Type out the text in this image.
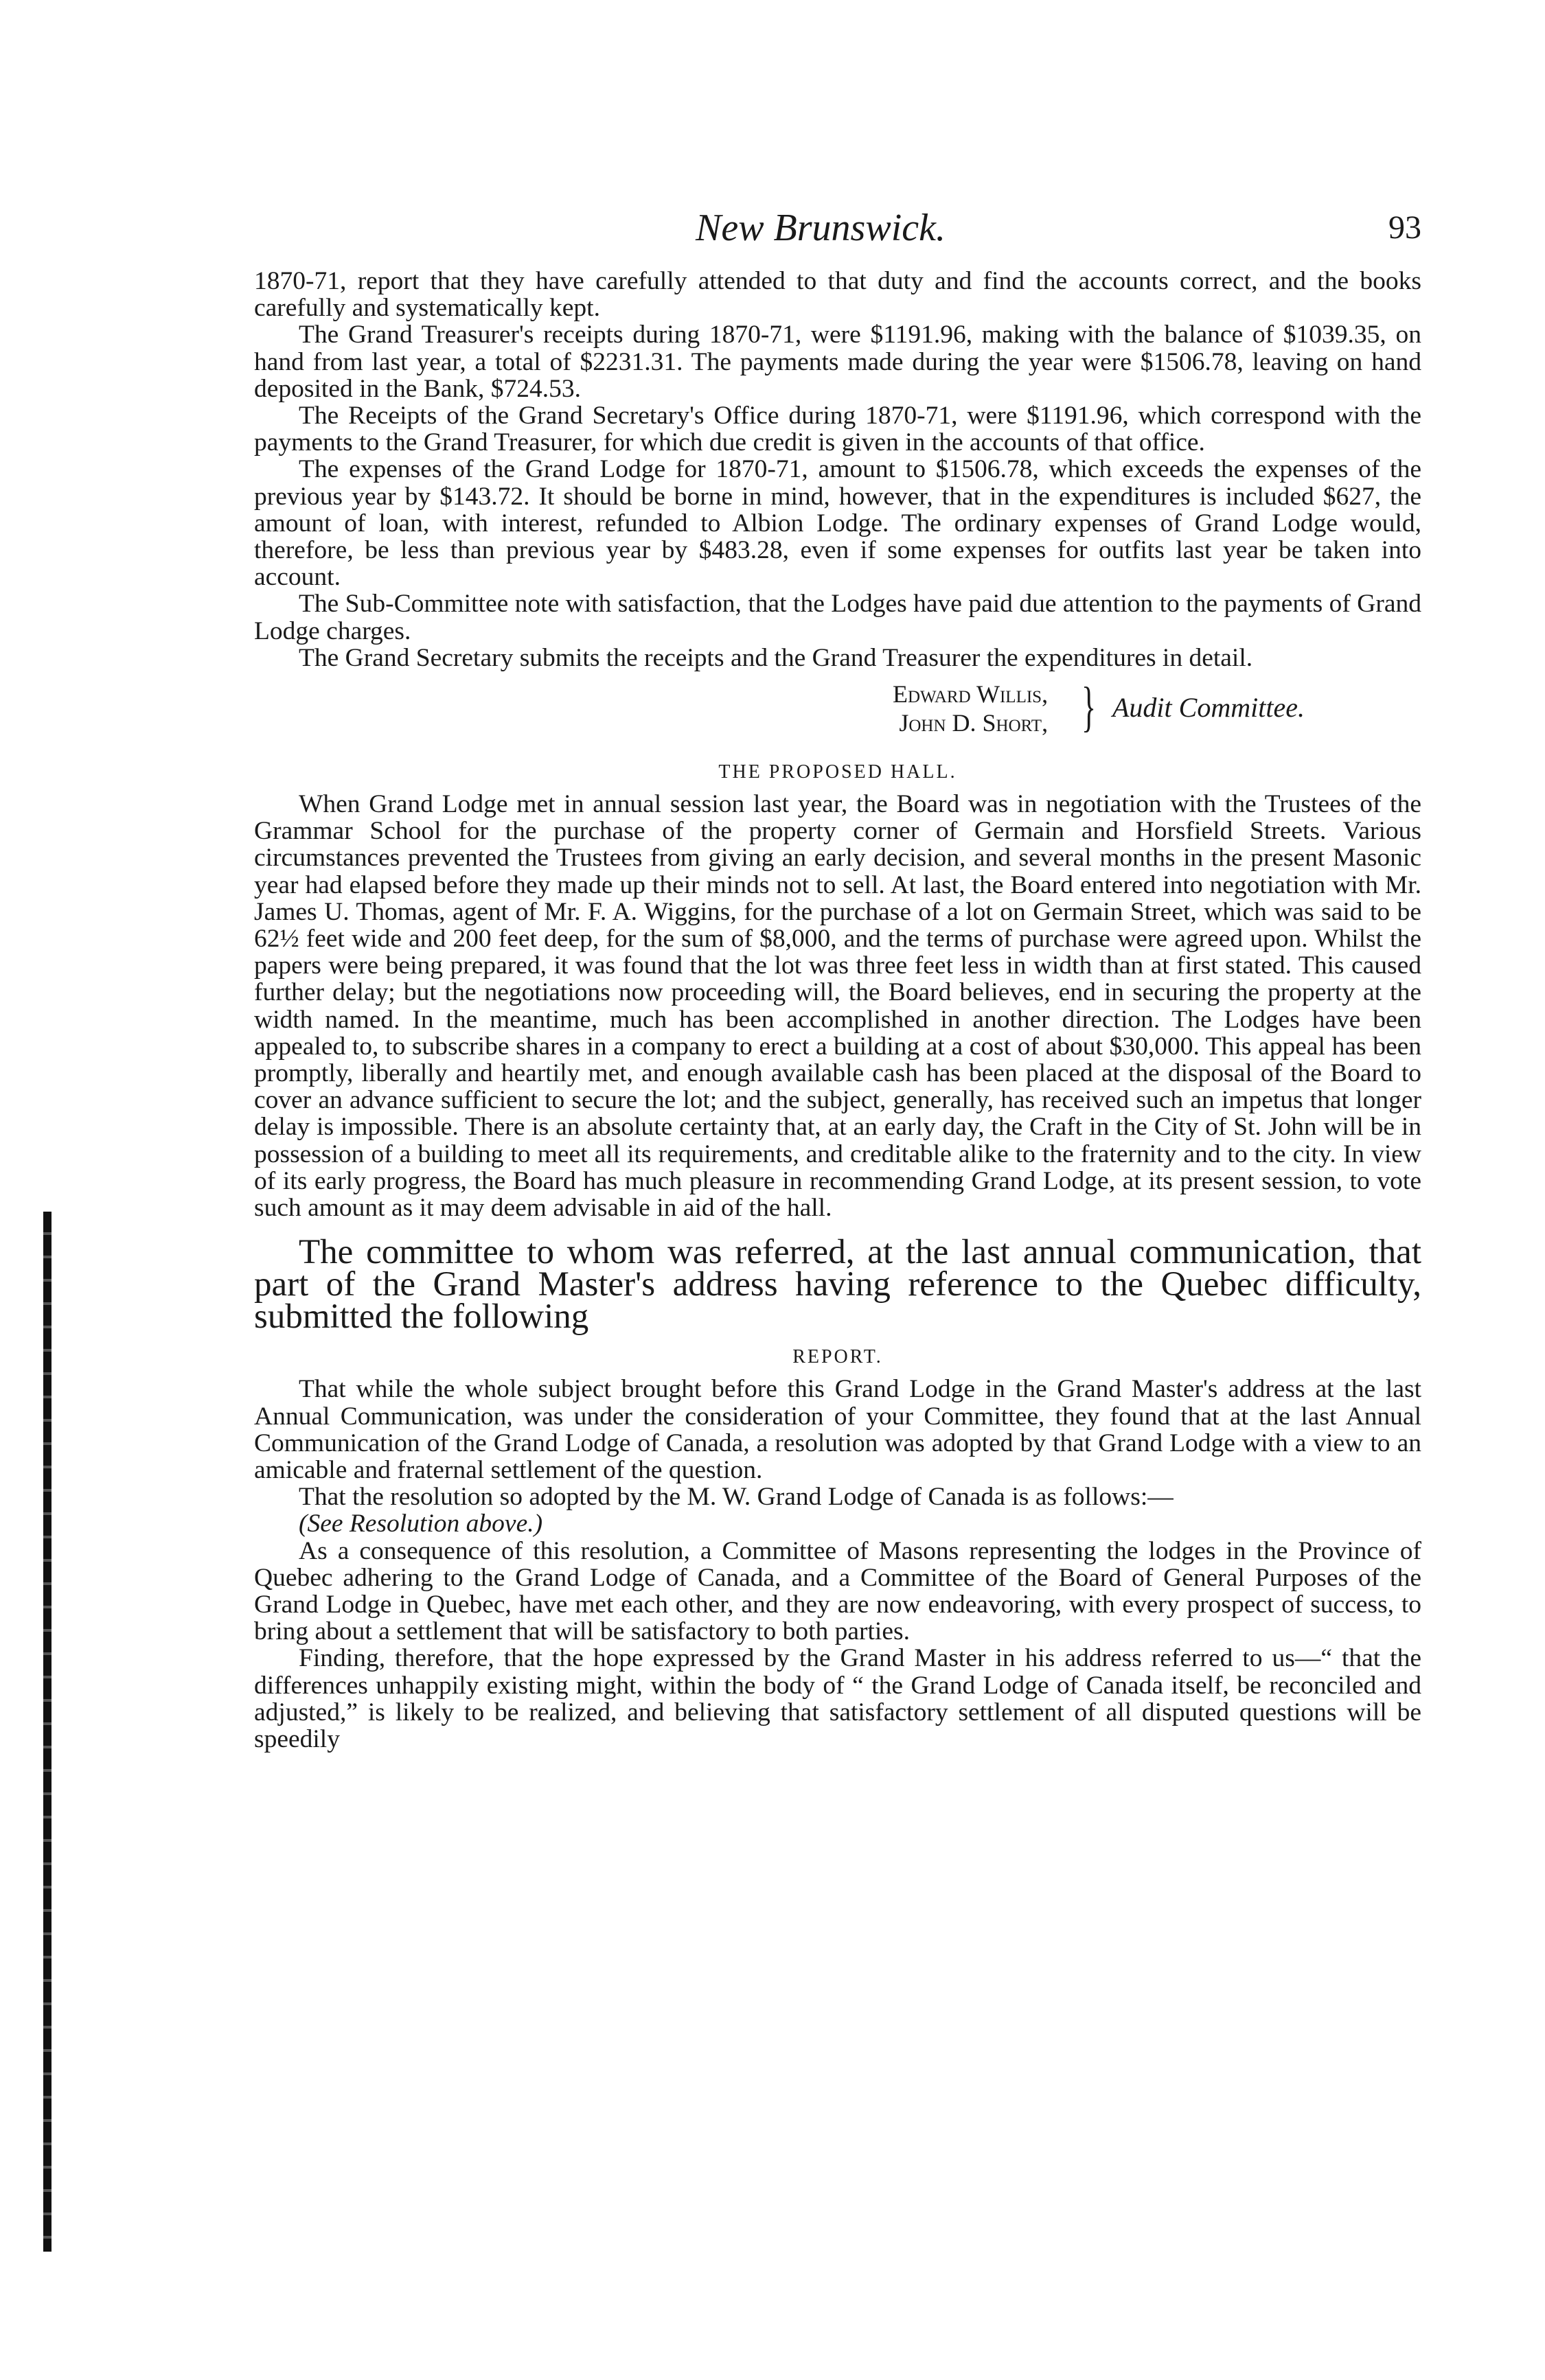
New Brunswick.	93

1870-71, report that they have carefully attended to that duty and find the accounts correct, and the books carefully and systematically kept.

The Grand Treasurer's receipts during 1870-71, were $1191.96, making with the balance of $1039.35, on hand from last year, a total of $2231.31. The payments made during the year were $1506.78, leaving on hand deposited in the Bank, $724.53.

The Receipts of the Grand Secretary's Office during 1870-71, were $1191.96, which correspond with the payments to the Grand Treasurer, for which due credit is given in the accounts of that office.

The expenses of the Grand Lodge for 1870-71, amount to $1506.78, which exceeds the expenses of the previous year by $143.72. It should be borne in mind, however, that in the expenditures is included $627, the amount of loan, with interest, refunded to Albion Lodge. The ordinary expenses of Grand Lodge would, therefore, be less than previous year by $483.28, even if some expenses for outfits last year be taken into account.

The Sub-Committee note with satisfaction, that the Lodges have paid due attention to the payments of Grand Lodge charges.

The Grand Secretary submits the receipts and the Grand Treasurer the expenditures in detail.

Edward Willis,
John D. Short, } Audit Committee.
THE PROPOSED HALL.

When Grand Lodge met in annual session last year, the Board was in negotiation with the Trustees of the Grammar School for the purchase of the property corner of Germain and Horsfield Streets. Various circumstances prevented the Trustees from giving an early decision, and several months in the present Masonic year had elapsed before they made up their minds not to sell. At last, the Board entered into negotiation with Mr. James U. Thomas, agent of Mr. F. A. Wiggins, for the purchase of a lot on Germain Street, which was said to be 62½ feet wide and 200 feet deep, for the sum of $8,000, and the terms of purchase were agreed upon. Whilst the papers were being prepared, it was found that the lot was three feet less in width than at first stated. This caused further delay; but the negotiations now proceeding will, the Board believes, end in securing the property at the width named. In the meantime, much has been accomplished in another direction. The Lodges have been appealed to, to subscribe shares in a company to erect a building at a cost of about $30,000. This appeal has been promptly, liberally and heartily met, and enough available cash has been placed at the disposal of the Board to cover an advance sufficient to secure the lot; and the subject, generally, has received such an impetus that longer delay is impossible. There is an absolute certainty that, at an early day, the Craft in the City of St. John will be in possession of a building to meet all its requirements, and creditable alike to the fraternity and to the city. In view of its early progress, the Board has much pleasure in recommending Grand Lodge, at its present session, to vote such amount as it may deem advisable in aid of the hall.

The committee to whom was referred, at the last annual communication, that part of the Grand Master's address having reference to the Quebec difficulty, submitted the following

REPORT.

That while the whole subject brought before this Grand Lodge in the Grand Master's address at the last Annual Communication, was under the consideration of your Committee, they found that at the last Annual Communication of the Grand Lodge of Canada, a resolution was adopted by that Grand Lodge with a view to an amicable and fraternal settlement of the question.

That the resolution so adopted by the M. W. Grand Lodge of Canada is as follows:—

(See Resolution above.)

As a consequence of this resolution, a Committee of Masons representing the lodges in the Province of Quebec adhering to the Grand Lodge of Canada, and a Committee of the Board of General Purposes of the Grand Lodge in Quebec, have met each other, and they are now endeavoring, with every prospect of success, to bring about a settlement that will be satisfactory to both parties.

Finding, therefore, that the hope expressed by the Grand Master in his address referred to us—“ that the differences unhappily existing might, within the body of “ the Grand Lodge of Canada itself, be reconciled and adjusted,” is likely to be realized, and believing that satisfactory settlement of all disputed questions will be speedily
